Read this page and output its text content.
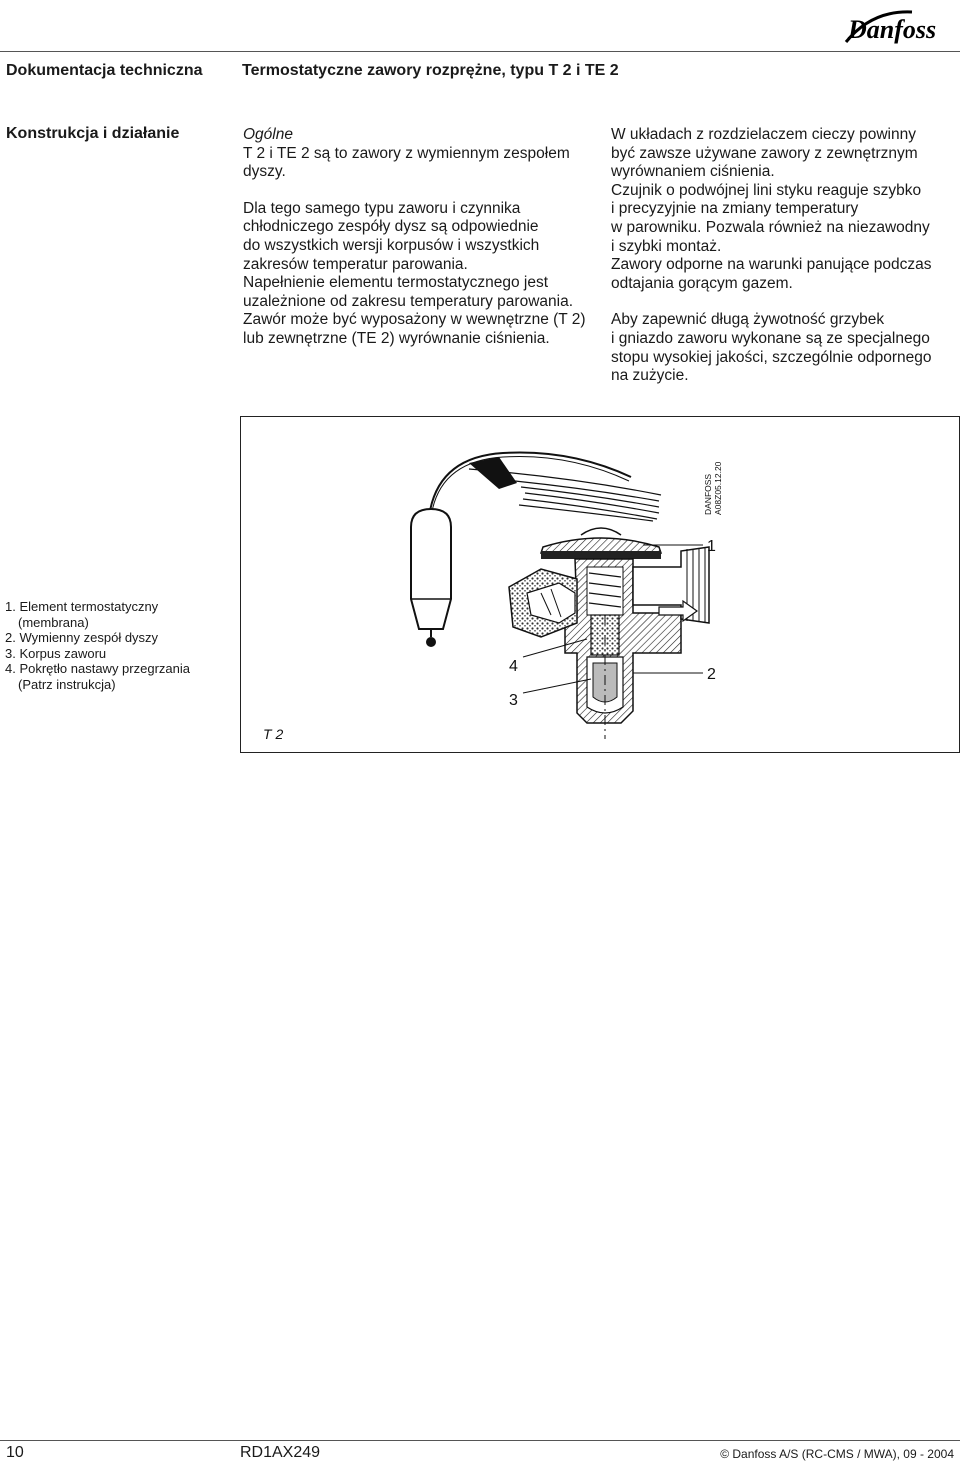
Danfoss
Dokumentacja techniczna Termostatyczne zawory rozprężne, typu T 2 i TE 2
Konstrukcja i działanie	Ogólne
T 2 i TE 2 są to zawory z wymiennym zespołem
dyszy.

Dla tego samego typu zaworu i czynnika
chłodniczego zespóły dysz są odpowiednie
do wszystkich wersji korpusów i wszystkich
zakresów temperatur parowania.
Napełnienie elementu termostatycznego jest
uzależnione od zakresu temperatury parowania.
Zawór może być wyposażony w wewnętrzne (T 2)
lub zewnętrzne (TE 2) wyrównanie ciśnienia.

W układach z rozdzielaczem cieczy powinny
być zawsze używane zawory z zewnętrznym
wyrównaniem ciśnienia.
Czujnik o podwójnej lini styku reaguje szybko
i precyzyjnie na zmiany temperatury
w parowniku. Pozwala również na niezawodny
i szybki montaż.
Zawory odporne na warunki panujące podczas
odtajania gorącym gazem.

Aby zapewnić długą żywotność grzybek
i gniazdo zaworu wykonane są ze specjalnego
stopu wysokiej jakości, szczególnie odpornego
na zużycie.

1
2
3
4
DANFOSS A08Z05.12.20
T 2
1. Element termostatyczny
(membrana)
2. Wymienny zespół dyszy
3. Korpus zaworu
4. Pokrętło nastawy przegrzania
(Patrz instrukcja)
10	RD1AX249	© Danfoss A/S (RC-CMS / MWA), 09 - 2004
